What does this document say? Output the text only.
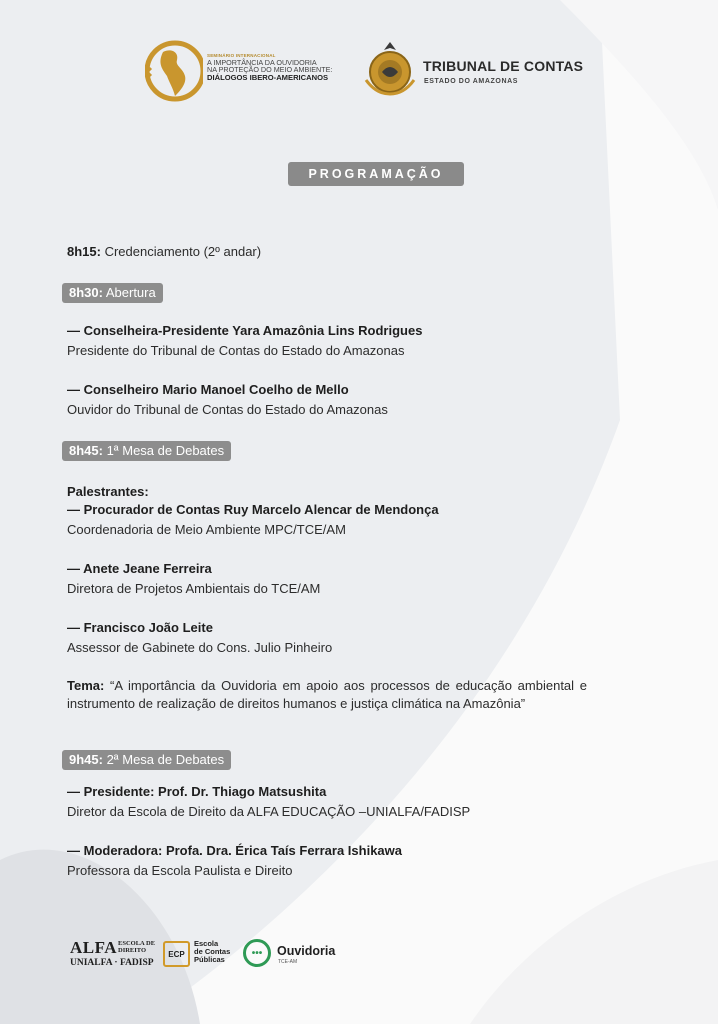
SEMINÁRIO INTERNACIONAL
A IMPORTÂNCIA DA OUVIDORIA
NA PROTEÇÃO DO MEIO AMBIENTE:
DIÁLOGOS IBERO-AMERICANOS
TRIBUNAL DE CONTAS
ESTADO DO AMAZONAS
PROGRAMAÇÃO
8h15: Credenciamento (2º andar)
8h30: Abertura
— Conselheira-Presidente Yara Amazônia Lins Rodrigues
Presidente do Tribunal de Contas do Estado do Amazonas
— Conselheiro Mario Manoel Coelho de Mello
Ouvidor do Tribunal de Contas do Estado do Amazonas
8h45: 1ª Mesa de Debates
Palestrantes:
— Procurador de Contas Ruy Marcelo Alencar de Mendonça
Coordenadoria de Meio Ambiente MPC/TCE/AM
— Anete Jeane Ferreira
Diretora de Projetos Ambientais do TCE/AM
— Francisco João Leite
Assessor de Gabinete do Cons. Julio Pinheiro
Tema: “A importância da Ouvidoria em apoio aos processos de educação ambiental e instrumento de realização de direitos humanos e justiça climática na Amazônia”
9h45: 2ª Mesa de Debates
— Presidente: Prof. Dr. Thiago Matsushita
Diretor da Escola de Direito da ALFA EDUCAÇÃO –UNIALFA/FADISP
— Moderadora: Profa. Dra. Érica Taís Ferrara Ishikawa
Professora da Escola Paulista e Direito
ALFA ESCOLA DE
DIREITO
UNIALFA · FADISP
ECP
Escola
de Contas
Públicas
•••	Ouvidoria
TCE-AM
